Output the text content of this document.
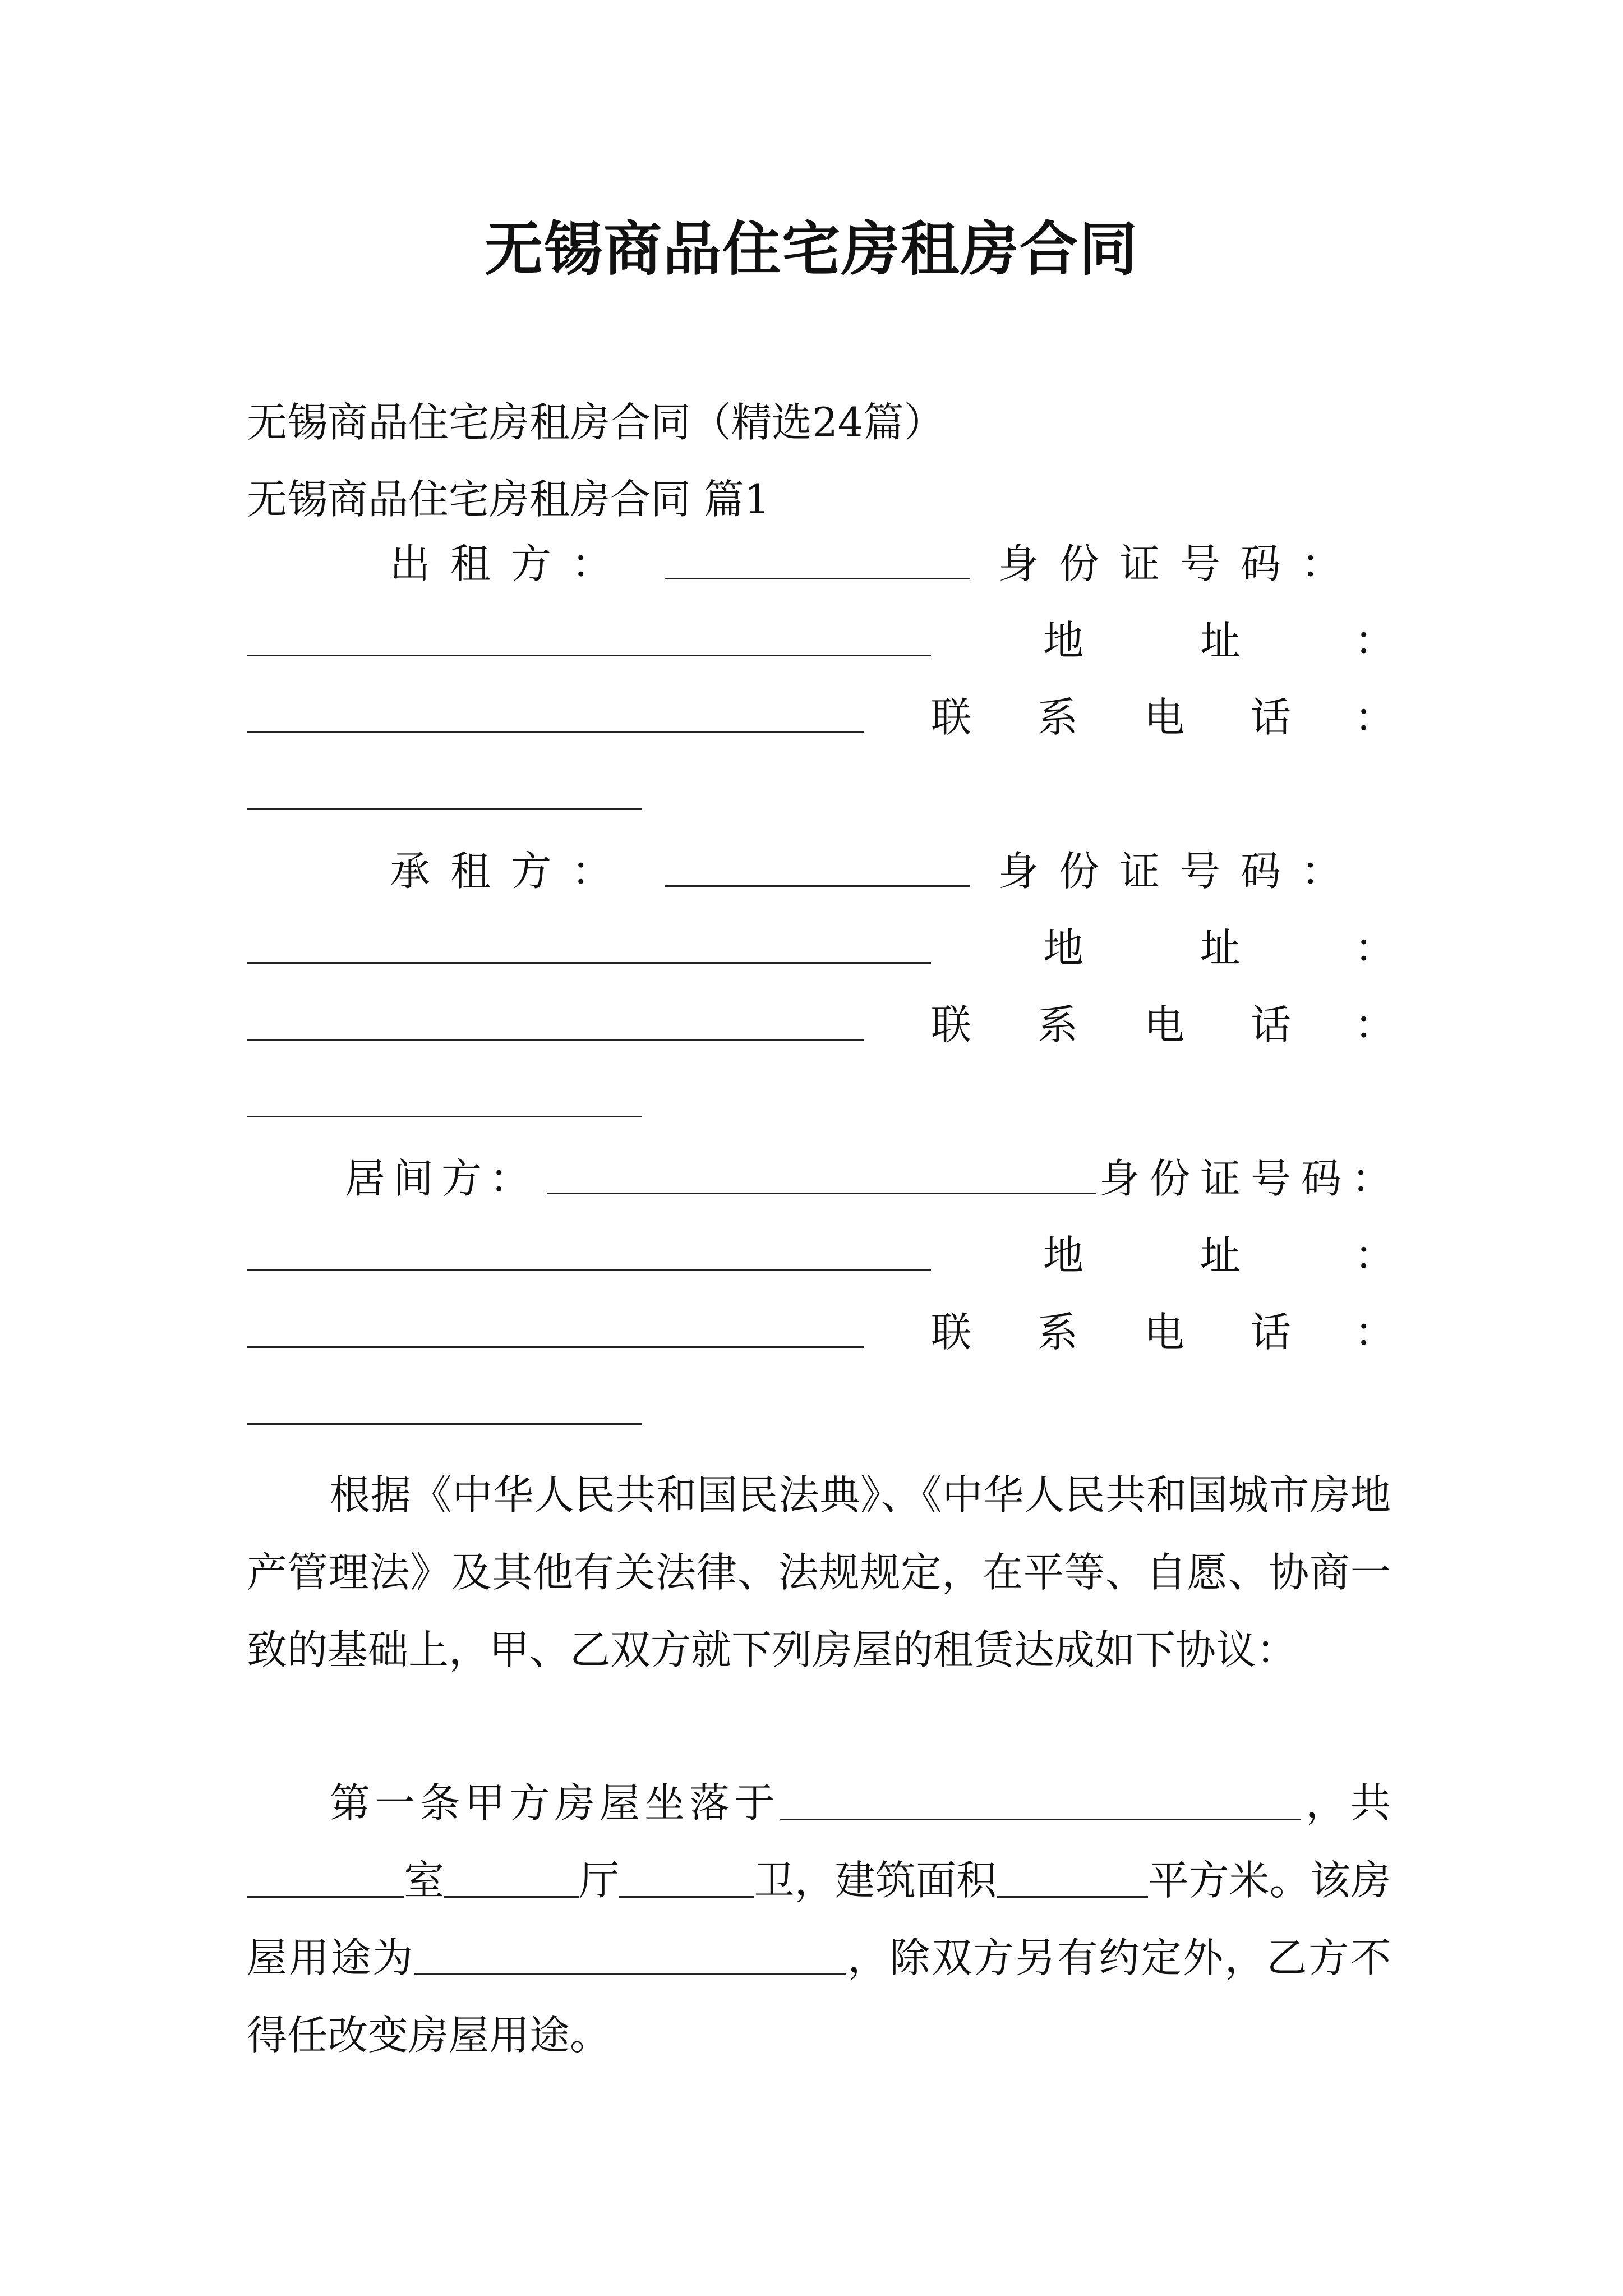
无锡商品住宅房租房合同
无锡商品住宅房租房合同（精选24篇）
无锡商品住宅房租房合同 篇1
出租方：	身份证号码：
地	址	：
联 系 电 话 ：
承租方：	身份证号码：
地	址	：
联 系 电 话 ：
居间方：	身份证号码：
地	址	：
联 系 电 话 ：
根据《中华人民共和国民法典》、《中华人民共和国城市房地产管理法》及其他有关法律、法规规定，在平等、自愿、协商一致的基础上，甲、乙双方就下列房屋的租赁达成如下协议：
第一条甲方房屋坐落于	，共室	厅	卫，建筑面积	平方米。该房屋用途为	，除双方另有约定外，乙方不得任改变房屋用途。
